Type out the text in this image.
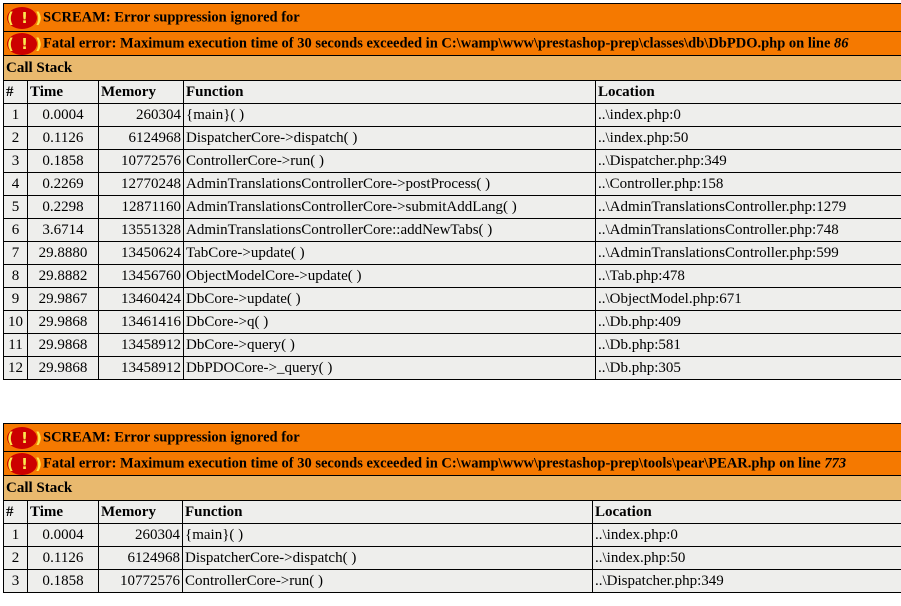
( ! )SCREAM: Error suppression ignored for				
( ! )Fatal error: Maximum execution time of 30 seconds exceeded in C:\wamp\www\prestashop-prep\classes\db\DbPDO.php on line 86				
Call Stack				
#	Time	Memory	Function	Location
1	0.0004	260304	{main}( )	..\index.php:0
2	0.1126	6124968	DispatcherCore->dispatch( )	..\index.php:50
3	0.1858	10772576	ControllerCore->run( )	..\Dispatcher.php:349
4	0.2269	12770248	AdminTranslationsControllerCore->postProcess( )	..\Controller.php:158
5	0.2298	12871160	AdminTranslationsControllerCore->submitAddLang( )	..\AdminTranslationsController.php:1279
6	3.6714	13551328	AdminTranslationsControllerCore::addNewTabs( )	..\AdminTranslationsController.php:748
7	29.8880	13450624	TabCore->update( )	..\AdminTranslationsController.php:599
8	29.8882	13456760	ObjectModelCore->update( )	..\Tab.php:478
9	29.9867	13460424	DbCore->update( )	..\ObjectModel.php:671
10	29.9868	13461416	DbCore->q( )	..\Db.php:409
11	29.9868	13458912	DbCore->query( )	..\Db.php:581
12	29.9868	13458912	DbPDOCore->_query( )	..\Db.php:305
( ! )SCREAM: Error suppression ignored for				
( ! )Fatal error: Maximum execution time of 30 seconds exceeded in C:\wamp\www\prestashop-prep\tools\pear\PEAR.php on line 773				
Call Stack				
#	Time	Memory	Function	Location
1	0.0004	260304	{main}( )	..\index.php:0
2	0.1126	6124968	DispatcherCore->dispatch( )	..\index.php:50
3	0.1858	10772576	ControllerCore->run( )	..\Dispatcher.php:349
